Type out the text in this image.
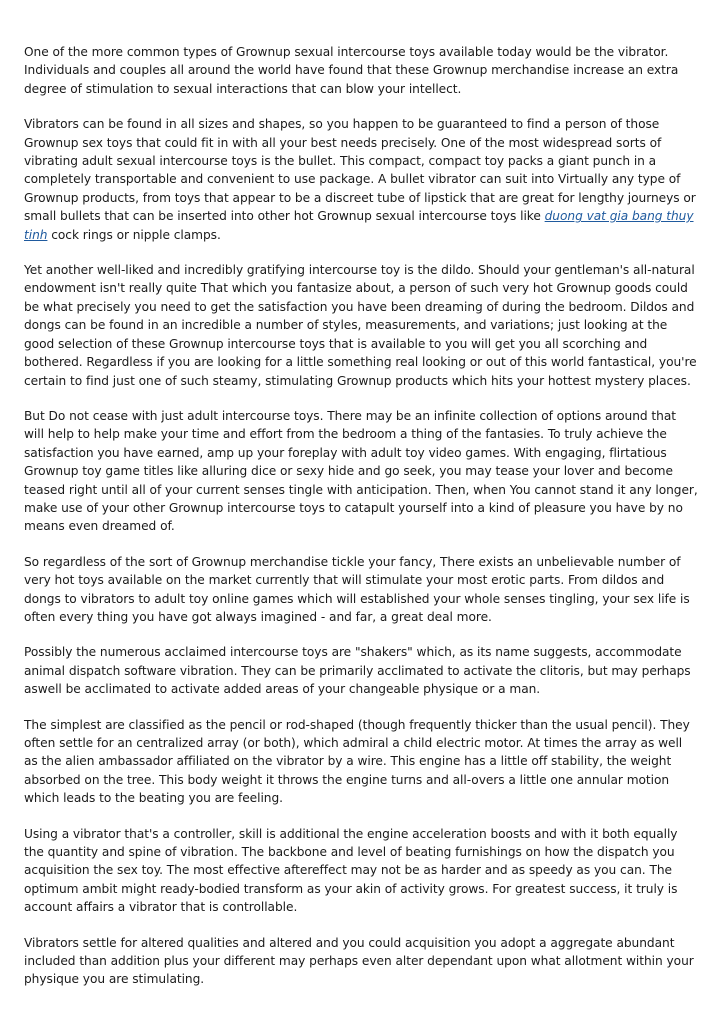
One of the more common types of Grownup sexual intercourse toys available today would be the vibrator. Individuals and couples all around the world have found that these Grownup merchandise increase an extra degree of stimulation to sexual interactions that can blow your intellect.

Vibrators can be found in all sizes and shapes, so you happen to be guaranteed to find a person of those Grownup sex toys that could fit in with all your best needs precisely. One of the most widespread sorts of vibrating adult sexual intercourse toys is the bullet. This compact, compact toy packs a giant punch in a completely transportable and convenient to use package. A bullet vibrator can suit into Virtually any type of Grownup products, from toys that appear to be a discreet tube of lipstick that are great for lengthy journeys or small bullets that can be inserted into other hot Grownup sexual intercourse toys like duong vat gia bang thuy tinh cock rings or nipple clamps.

Yet another well-liked and incredibly gratifying intercourse toy is the dildo. Should your gentleman's all-natural endowment isn't really quite That which you fantasize about, a person of such very hot Grownup goods could be what precisely you need to get the satisfaction you have been dreaming of during the bedroom. Dildos and dongs can be found in an incredible a number of styles, measurements, and variations; just looking at the good selection of these Grownup intercourse toys that is available to you will get you all scorching and bothered. Regardless if you are looking for a little something real looking or out of this world fantastical, you're certain to find just one of such steamy, stimulating Grownup products which hits your hottest mystery places.

But Do not cease with just adult intercourse toys. There may be an infinite collection of options around that will help to help make your time and effort from the bedroom a thing of the fantasies. To truly achieve the satisfaction you have earned, amp up your foreplay with adult toy video games. With engaging, flirtatious Grownup toy game titles like alluring dice or sexy hide and go seek, you may tease your lover and become teased right until all of your current senses tingle with anticipation. Then, when You cannot stand it any longer, make use of your other Grownup intercourse toys to catapult yourself into a kind of pleasure you have by no means even dreamed of.

So regardless of the sort of Grownup merchandise tickle your fancy, There exists an unbelievable number of very hot toys available on the market currently that will stimulate your most erotic parts. From dildos and dongs to vibrators to adult toy online games which will established your whole senses tingling, your sex life is often every thing you have got always imagined - and far, a great deal more.

Possibly the numerous acclaimed intercourse toys are "shakers" which, as its name suggests, accommodate animal dispatch software vibration. They can be primarily acclimated to activate the clitoris, but may perhaps aswell be acclimated to activate added areas of your changeable physique or a man.

The simplest are classified as the pencil or rod-shaped (though frequently thicker than the usual pencil). They often settle for an centralized array (or both), which admiral a child electric motor. At times the array as well as the alien ambassador affiliated on the vibrator by a wire. This engine has a little off stability, the weight absorbed on the tree. This body weight it throws the engine turns and all-overs a little one annular motion which leads to the beating you are feeling.

Using a vibrator that's a controller, skill is additional the engine acceleration boosts and with it both equally the quantity and spine of vibration. The backbone and level of beating furnishings on how the dispatch you acquisition the sex toy. The most effective aftereffect may not be as harder and as speedy as you can. The optimum ambit might ready-bodied transform as your akin of activity grows. For greatest success, it truly is account affairs a vibrator that is controllable.

Vibrators settle for altered qualities and altered and you could acquisition you adopt a aggregate abundant included than addition plus your different may perhaps even alter dependant upon what allotment within your physique you are stimulating.
